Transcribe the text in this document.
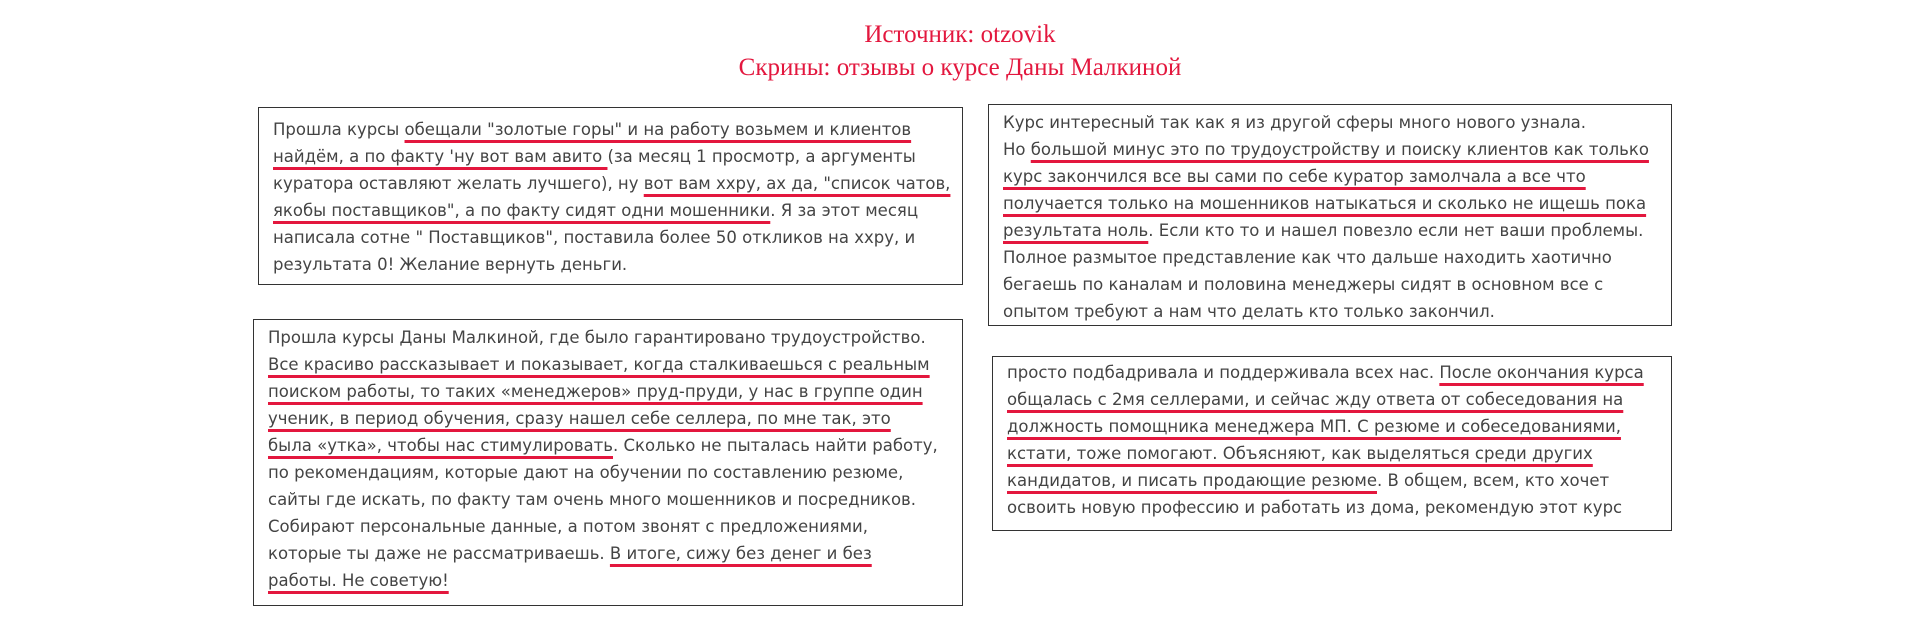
Источник: otzovik
Скрины: отзывы о курсе Даны Малкиной
Прошла курсы обещали "золотые горы" и на работу возьмем и клиентов
найдём, а по факту 'ну вот вам авито (за месяц 1 просмотр, а аргументы
куратора оставляют желать лучшего), ну вот вам ххру, ах да, "список чатов,
якобы поставщиков", а по факту сидят одни мошенники. Я за этот месяц
написала сотне " Поставщиков", поставила более 50 откликов на ххру, и
результата 0! Желание вернуть деньги.
Курс интересный так как я из другой сферы много нового узнала.
Но большой минус это по трудоустройству и поиску клиентов как только
курс закончился все вы сами по себе куратор замолчала а все что
получается только на мошенников натыкаться и сколько не ищешь пока
результата ноль. Если кто то и нашел повезло если нет ваши проблемы.
Полное размытое представление как что дальше находить хаотично
бегаешь по каналам и половина менеджеры сидят в основном все с
опытом требуют а нам что делать кто только закончил.
Прошла курсы Даны Малкиной, где было гарантировано трудоустройство.
Все красиво рассказывает и показывает, когда сталкиваешься с реальным
поиском работы, то таких «менеджеров» пруд-пруди, у нас в группе один
ученик, в период обучения, сразу нашел себе селлера, по мне так, это
была «утка», чтобы нас стимулировать. Сколько не пыталась найти работу,
по рекомендациям, которые дают на обучении по составлению резюме,
сайты где искать, по факту там очень много мошенников и посредников.
Собирают персональные данные, а потом звонят с предложениями,
которые ты даже не рассматриваешь. В итоге, сижу без денег и без
работы. Не советую!
просто подбадривала и поддерживала всех нас. После окончания курса
общалась с 2мя селлерами, и сейчас жду ответа от собеседования на
должность помощника менеджера МП. С резюме и собеседованиями,
кстати, тоже помогают. Объясняют, как выделяться среди других
кандидатов, и писать продающие резюме. В общем, всем, кто хочет
освоить новую профессию и работать из дома, рекомендую этот курс
